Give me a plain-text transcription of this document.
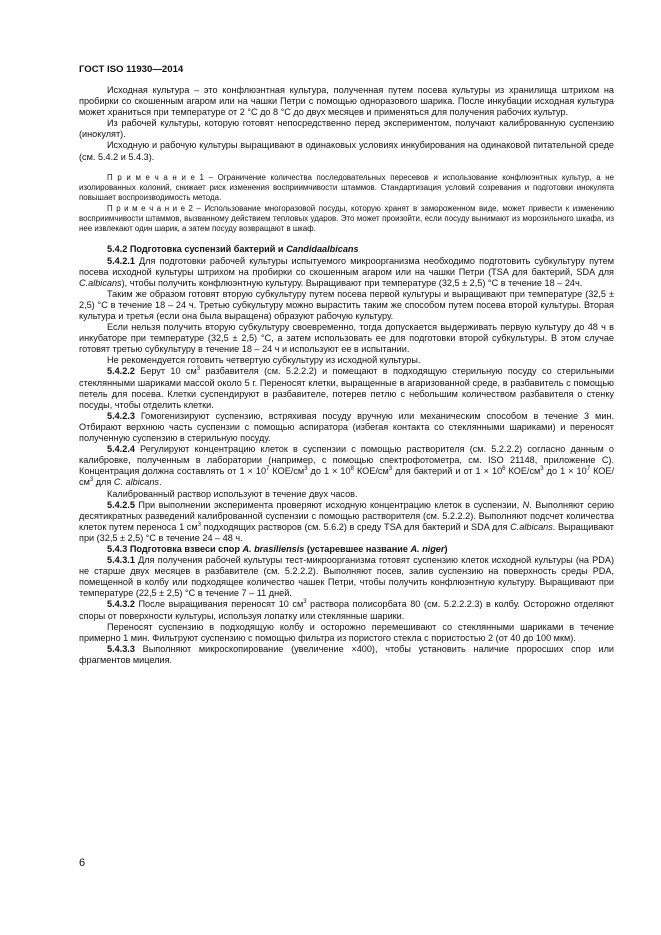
ГОСТ ISO 11930—2014

Исходная культура – это конфлюэнтная культура, полученная путем посева культуры из хранилища штрихом на пробирки со скошенным агаром или на чашки Петри с помощью одноразового шарика. После инкубации исходная культура может храниться при температуре от 2 °C до 8 °C до двух месяцев и применяться для получения рабочих культур.

Из рабочей культуры, которую готовят непосредственно перед экспериментом, получают калиброванную суспензию (инокулят).

Исходную и рабочую культуры выращивают в одинаковых условиях инкубирования на одинаковой питательной среде (см. 5.4.2 и 5.4.3).

П р и м е ч а н и е 1 – Ограничение количества последовательных пересевов и использование конфлюэнтных культур, а не изолированных колоний, снижает риск изменения восприимчивости штаммов. Стандартизация условий созревания и подготовки инокулята повышает воспроизводимость метода.

П р и м е ч а н и е 2 – Использование многоразовой посуды, которую хранят в замороженном виде, может привести к изменению восприимчивости штаммов, вызванному действием тепловых ударов. Это может произойти, если посуду вынимают из морозильного шкафа, из нее извлекают один шарик, а затем посуду возвращают в шкаф.

5.4.2 Подготовка суспензий бактерий и Candidaalbicans

5.4.2.1 Для подготовки рабочей культуры испытуемого микроорганизма необходимо подготовить субкультуру путем посева исходной культуры штрихом на пробирки со скошенным агаром или на чашки Петри (TSA для бактерий, SDA для C.albicans), чтобы получить конфлюэнтную культуру. Выращивают при температуре (32,5 ± 2,5) °C в течение 18 – 24ч.

Таким же образом готовят вторую субкультуру путем посева первой культуры и выращивают при температуре (32,5 ± 2,5) °C в течение 18 – 24 ч. Третью субкультуру можно вырастить таким же способом путем посева второй культуры. Вторая культура и третья (если она была выращена) образуют рабочую культуру.

Если нельзя получить вторую субкультуру своевременно, тогда допускается выдерживать первую культуру до 48 ч в инкубаторе при температуре (32,5 ± 2,5) °C, а затем использовать ее для подготовки второй субкультуры. В этом случае готовят третью субкультуру в течение 18 – 24 ч и используют ее в испытании.

Не рекомендуется готовить четвертую субкультуру из исходной культуры.

5.4.2.2 Берут 10 $см^3$ разбавителя (см. 5.2.2.2) и помещают в подходящую стерильную посуду со стерильными стеклянными шариками массой около 5 г. Переносят клетки, выращенные в агаризованной среде, в разбавитель с помощью петель для посева. Клетки суспендируют в разбавителе, потерев петлю с небольшим количеством разбавителя о стенку посуды, чтобы отделить клетки.

5.4.2.3 Гомогенизируют суспензию, встряхивая посуду вручную или механическим способом в течение 3 мин. Отбирают верхнюю часть суспензии с помощью аспиратора (избегая контакта со стеклянными шариками) и переносят полученную суспензию в стерильную посуду.

5.4.2.4 Регулируют концентрацию клеток в суспензии с помощью растворителя (см. 5.2.2.2) согласно данным о калибровке, полученным в лаборатории (например, с помощью спектрофотометра, см. ISO 21148, приложение C). Концентрация должна составлять от $1 \times 10^7$ КОЕ/$см^3$ до $1 \times 10^8$ КОЕ/$см^3$ для бактерий и от $1 \times 10^6$ КОЕ/$см^3$ до $1 \times 10^7$ КОЕ/$см^3$ для C. albicans.

Калиброванный раствор используют в течение двух часов.

5.4.2.5 При выполнении эксперимента проверяют исходную концентрацию клеток в суспензии, N. Выполняют серию десятикратных разведений калиброванной суспензии с помощью растворителя (см. 5.2.2.2). Выполняют подсчет количества клеток путем переноса 1 $см^3$ подходящих растворов (см. 5.6.2) в среду TSA для бактерий и SDA для C.albicans. Выращивают при (32,5 ± 2,5) °C в течение 24 – 48 ч.

5.4.3 Подготовка взвеси спор A. brasiliensis (устаревшее название A. niger)

5.4.3.1 Для получения рабочей культуры тест-микроорганизма готовят суспензию клеток исходной культуры (на PDA) не старше двух месяцев в разбавителе (см. 5.2.2.2). Выполняют посев, залив суспензию на поверхность среды PDA, помещенной в колбу или подходящее количество чашек Петри, чтобы получить конфлюэнтную культуру. Выращивают при температуре (22,5 ± 2,5) °C в течение 7 – 11 дней.

5.4.3.2 После выращивания переносят 10 $см^3$ раствора полисорбата 80 (см. 5.2.2.2.3) в колбу. Осторожно отделяют споры от поверхности культуры, используя лопатку или стеклянные шарики.

Переносят суспензию в подходящую колбу и осторожно перемешивают со стеклянными шариками в течение примерно 1 мин. Фильтруют суспензию с помощью фильтра из пористого стекла с пористостью 2 (от 40 до 100 мкм).

5.4.3.3 Выполняют микроскопирование (увеличение ×400), чтобы установить наличие проросших спор или фрагментов мицелия.

6
